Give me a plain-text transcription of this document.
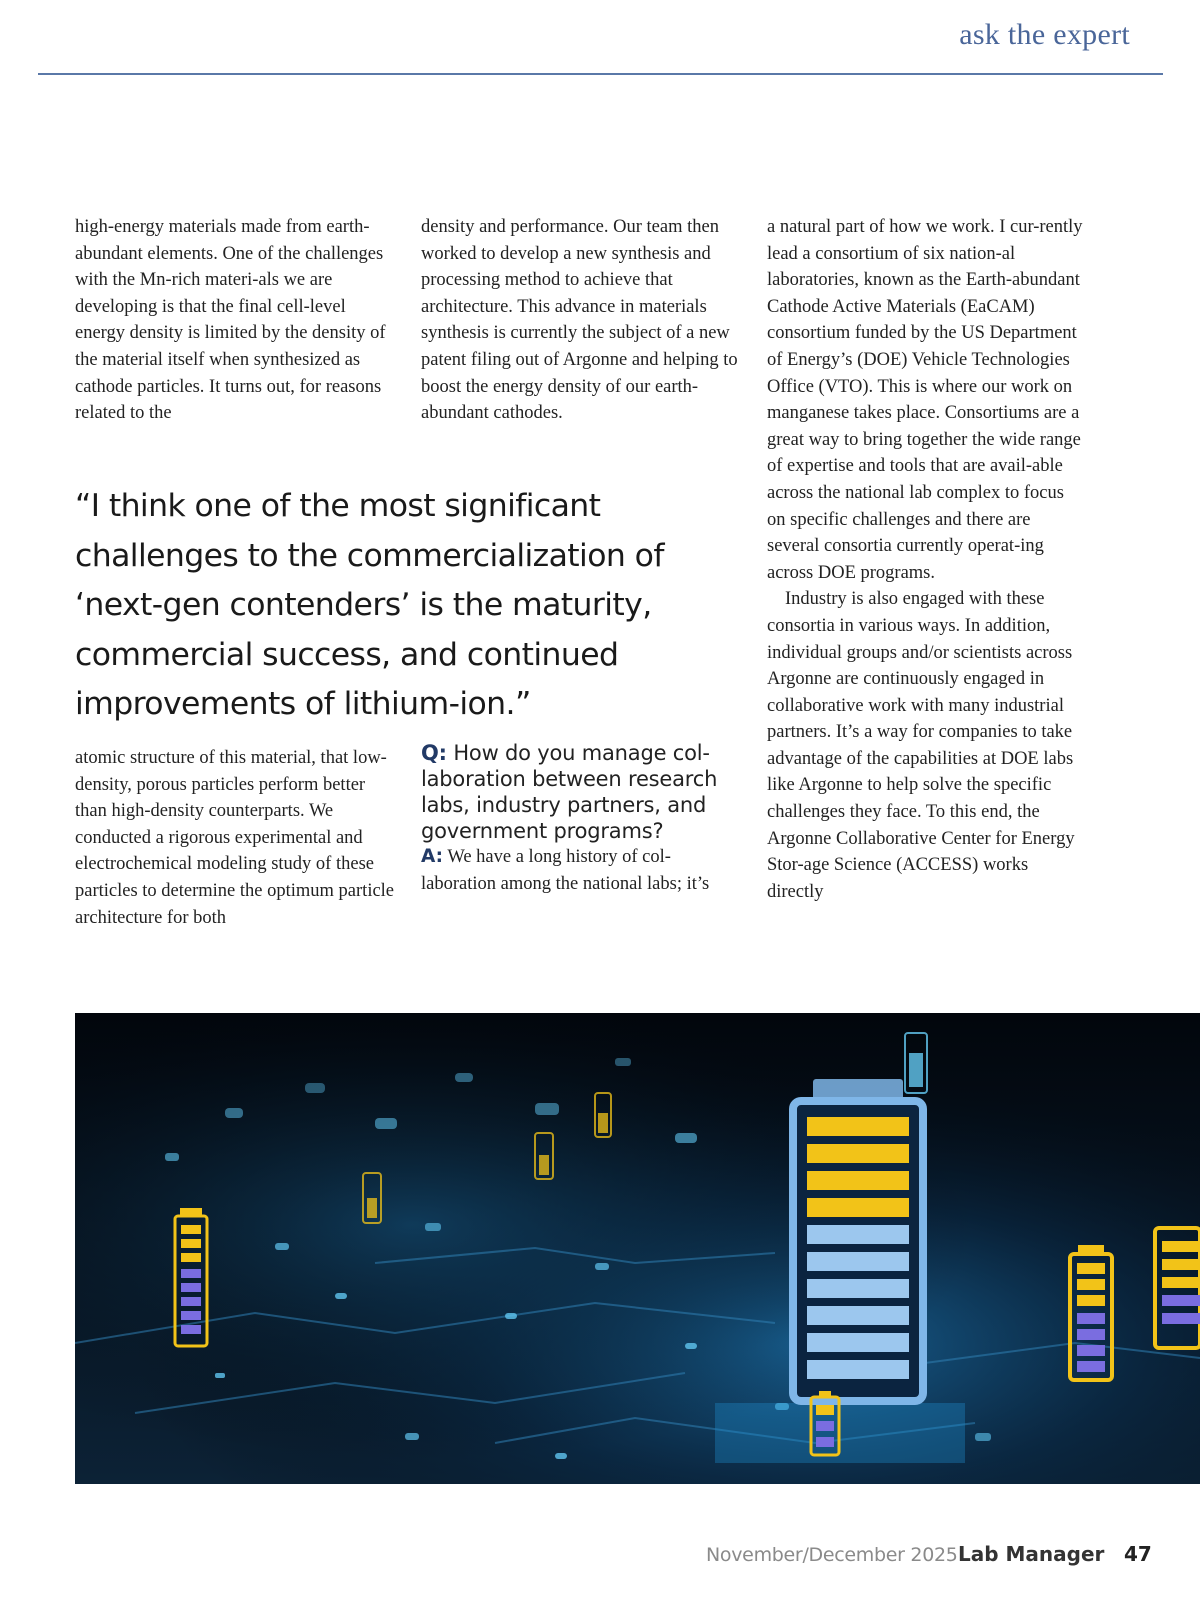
ask the expert

high-energy materials made from earth-abundant elements. One of the challenges with the Mn-rich materi-als we are developing is that the final cell-level energy density is limited by the density of the material itself when synthesized as cathode particles. It turns out, for reasons related to the

density and performance. Our team then worked to develop a new synthesis and processing method to achieve that architecture. This advance in materials synthesis is currently the subject of a new patent filing out of Argonne and helping to boost the energy density of our earth-abundant cathodes.

a natural part of how we work. I cur-rently lead a consortium of six nation-al laboratories, known as the Earth-abundant Cathode Active Materials (EaCAM) consortium funded by the US Department of Energy’s (DOE) Vehicle Technologies Office (VTO). This is where our work on manganese takes place. Consortiums are a great way to bring together the wide range of expertise and tools that are avail-able across the national lab complex to focus on specific challenges and there are several consortia currently operat-ing across DOE programs.

Industry is also engaged with these consortia in various ways. In addition, individual groups and/or scientists across Argonne are continuously engaged in collaborative work with many industrial partners. It’s a way for companies to take advantage of the capabilities at DOE labs like Argonne to help solve the specific challenges they face. To this end, the Argonne Collaborative Center for Energy Stor-age Science (ACCESS) works directly

“I think one of the most significant challenges to the commercialization of ‘next-gen contenders’ is the maturity, commercial success, and continued improvements of lithium-ion.”

atomic structure of this material, that low-density, porous particles perform better than high-density counterparts. We conducted a rigorous experimental and electrochemical modeling study of these particles to determine the optimum particle architecture for both

Q: How do you manage col-laboration between research labs, industry partners, and government programs?

A: We have a long history of col-laboration among the national labs; it’s

November/December 2025 Lab Manager 47
